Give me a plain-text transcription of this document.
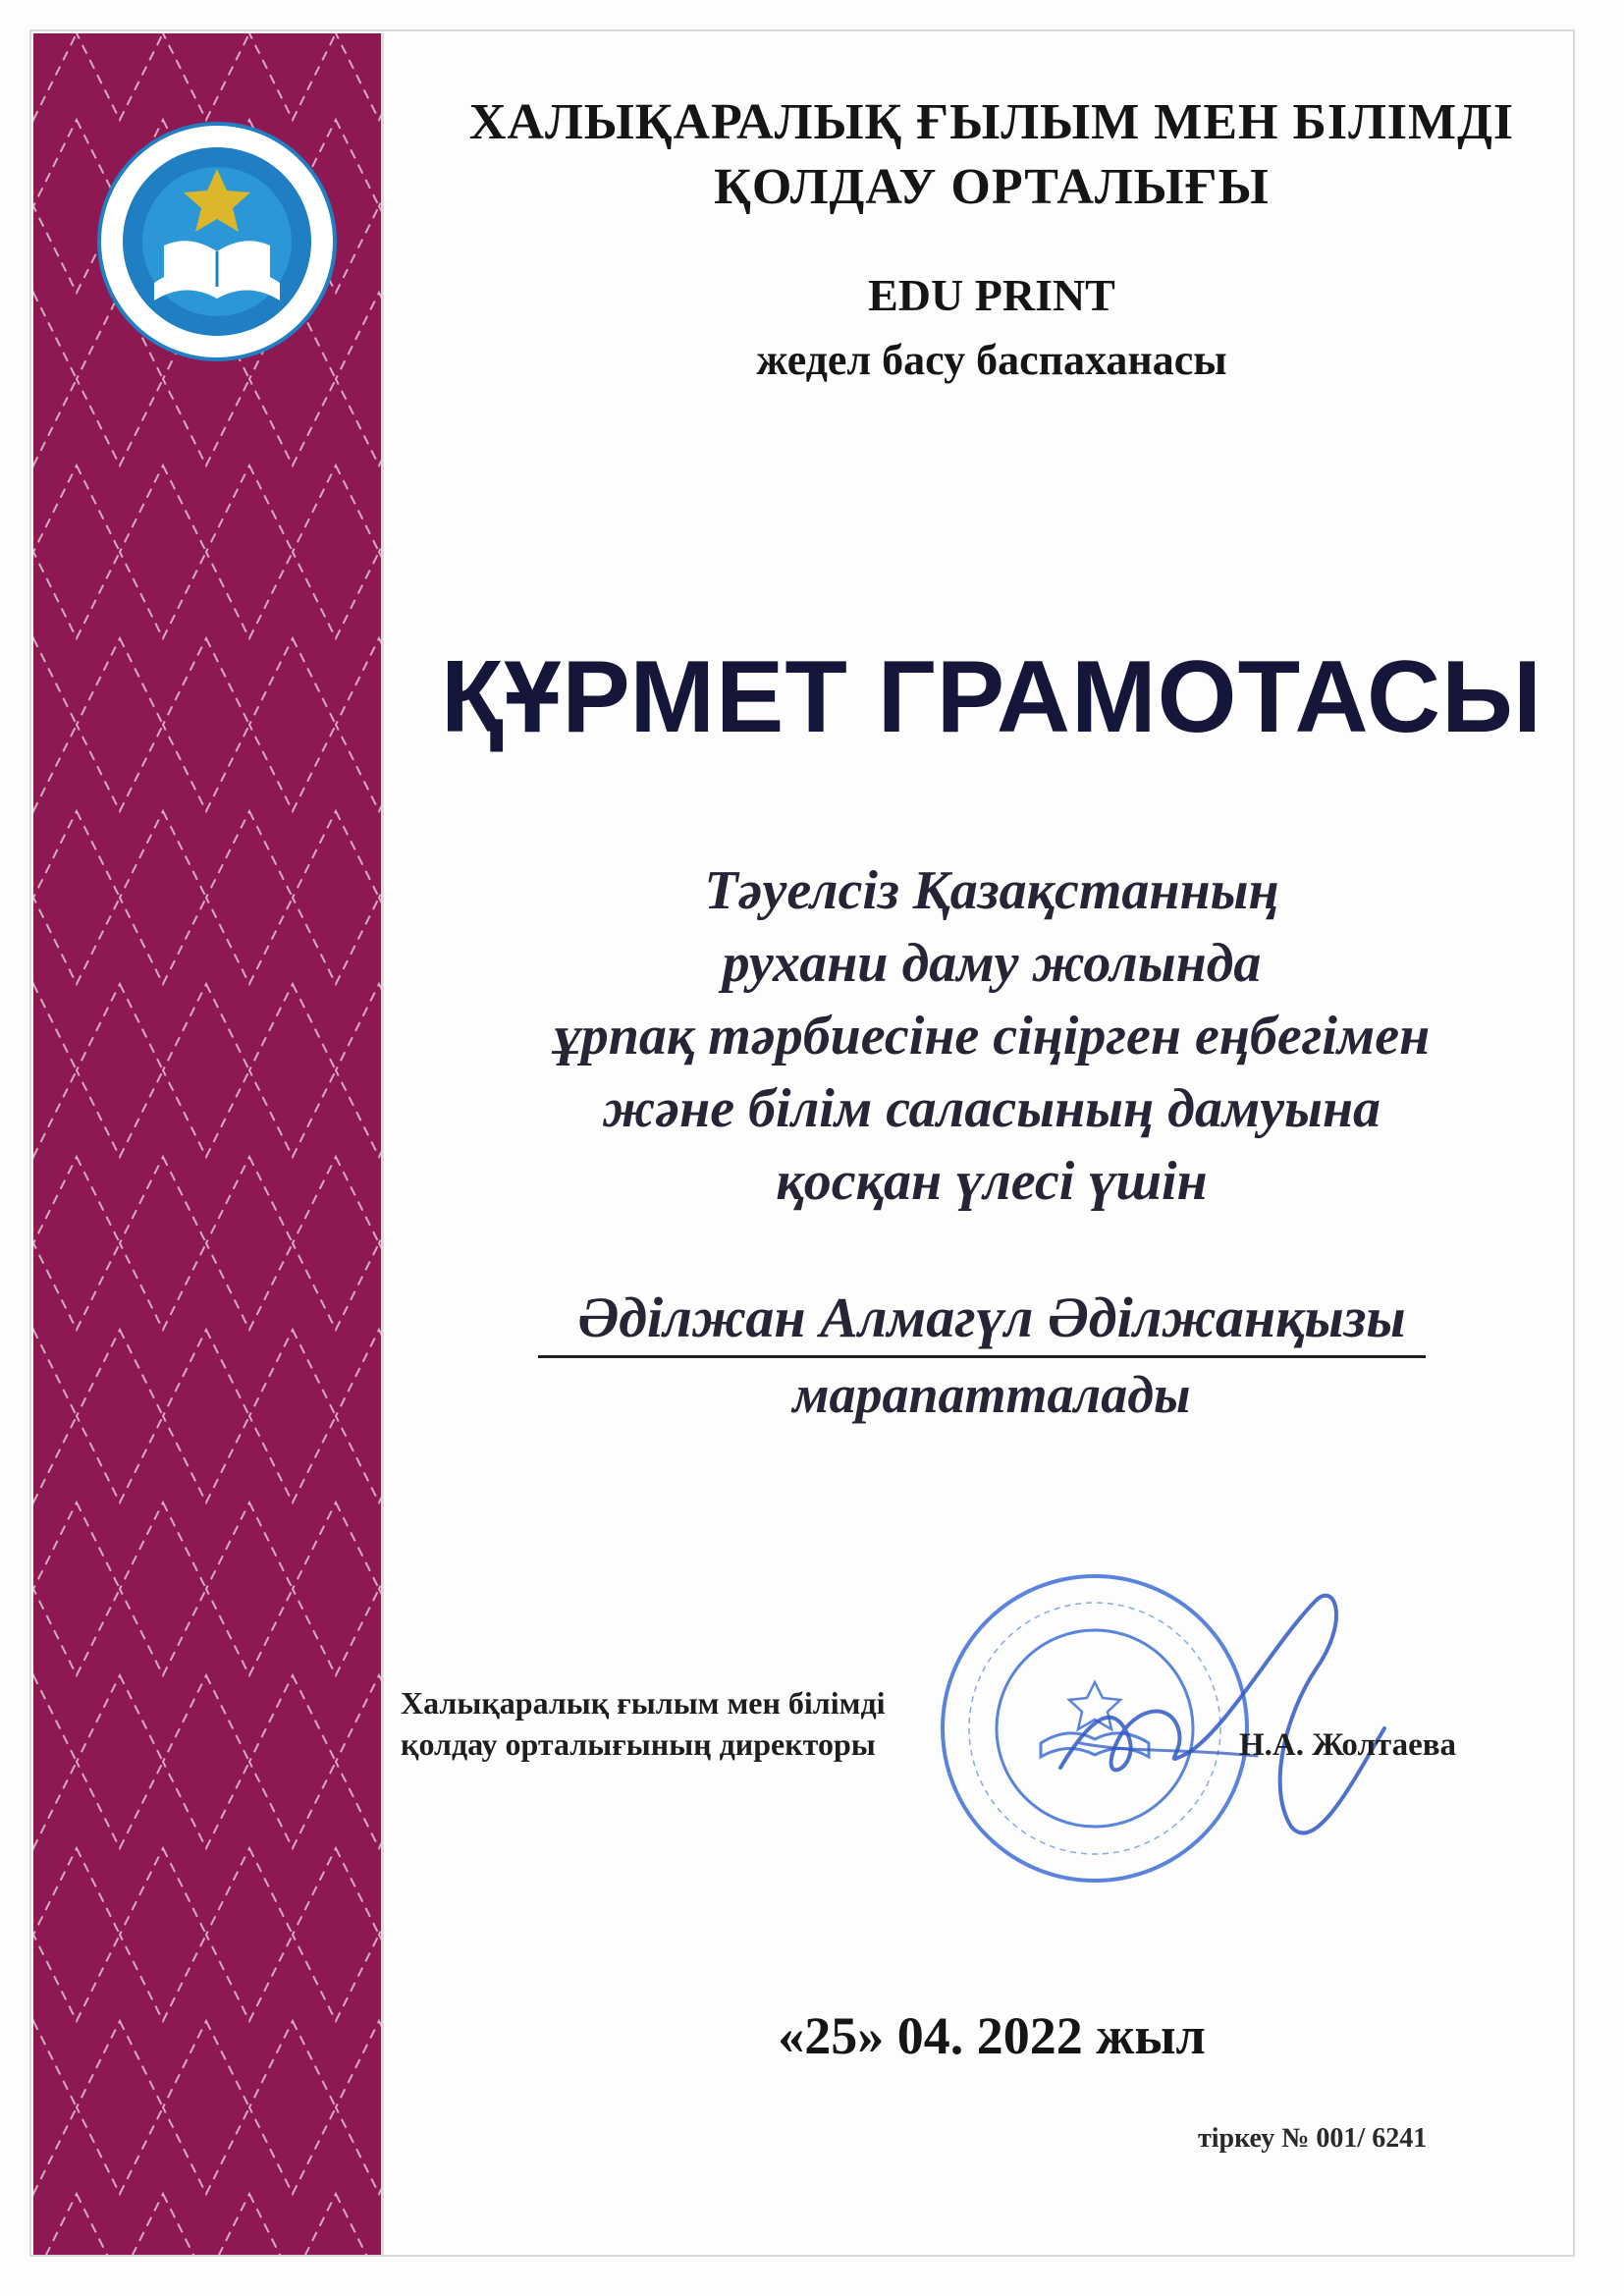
ХАЛЫҚАРАЛЫҚ ҒЫЛЫМ МЕН БІЛІМДІ
ҚОЛДАУ ОРТАЛЫҒЫ
EDU PRINT
жедел басу баспаханасы
ҚҰРМЕТ ГРАМОТАСЫ
Тәуелсіз Қазақстанның
рухани даму жолында
ұрпақ тәрбиесіне сіңірген еңбегімен
және білім саласының дамуына
қосқан үлесі үшін
Әділжан Алмагүл Әділжанқызы
марапатталады
Халықаралық ғылым мен білімді
қолдау орталығының директоры	Н.А. Жолтаева
«25» 04. 2022 жыл
тіркеу № 001/ 6241
